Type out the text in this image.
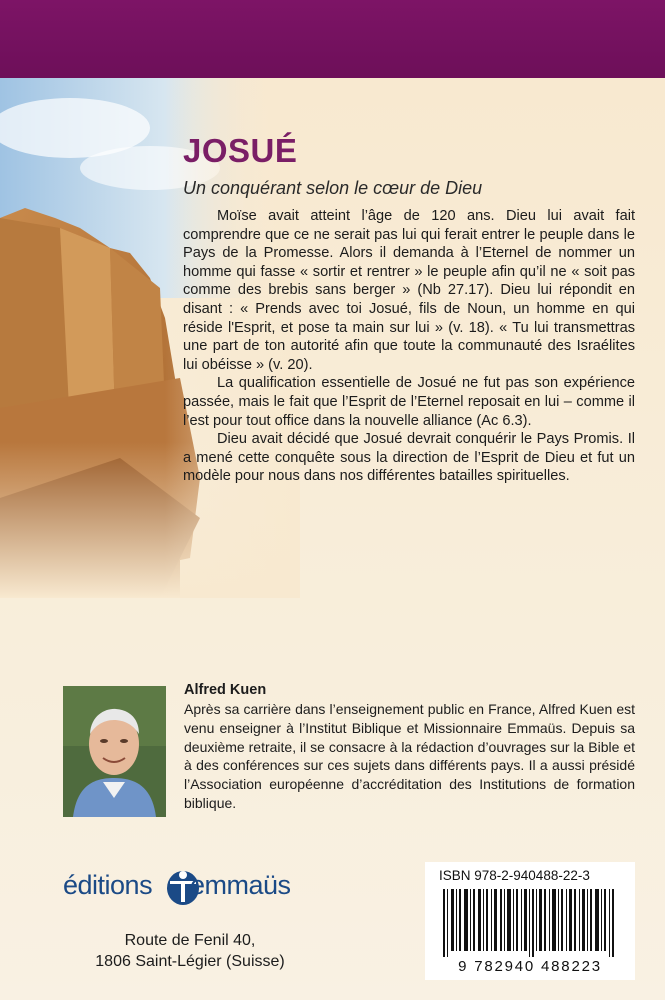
JOSUÉ

Un conquérant selon le cœur de Dieu

Moïse avait atteint l’âge de 120 ans. Dieu lui avait fait comprendre que ce ne serait pas lui qui ferait entrer le peuple dans le Pays de la Promesse. Alors il demanda à l’Eternel de nommer un homme qui fasse « sortir et rentrer » le peuple afin qu’il ne « soit pas comme des brebis sans berger » (Nb 27.17). Dieu lui répondit en disant : « Prends avec toi Josué, fils de Noun, un homme en qui réside l'Esprit, et pose ta main sur lui » (v. 18). « Tu lui transmettras une part de ton autorité afin que toute la communauté des Israélites lui obéisse » (v. 20).

La qualification essentielle de Josué ne fut pas son expérience passée, mais le fait que l’Esprit de l’Eternel reposait en lui – comme il l’est pour tout office dans la nouvelle alliance (Ac 6.3).

Dieu avait décidé que Josué devrait conquérir le Pays Promis. Il a mené cette conquête sous la direction de l’Esprit de Dieu et fut un modèle pour nous dans nos différentes batailles spirituelles.

Alfred Kuen

Après sa carrière dans l’enseignement public en France, Alfred Kuen est venu enseigner à l’Institut Biblique et Missionnaire Emmaüs. Depuis sa deuxième retraite, il se consacre à la rédaction d’ouvrages sur la Bible et à des conférences sur ces sujets dans différents pays. Il a aussi présidé l’Association européenne d’accréditation des Institutions de formation biblique.

éditions emmaüs
Route de Fenil 40,
1806 Saint-Légier (Suisse)
ISBN 978-2-940488-22-3
9 782940 488223
